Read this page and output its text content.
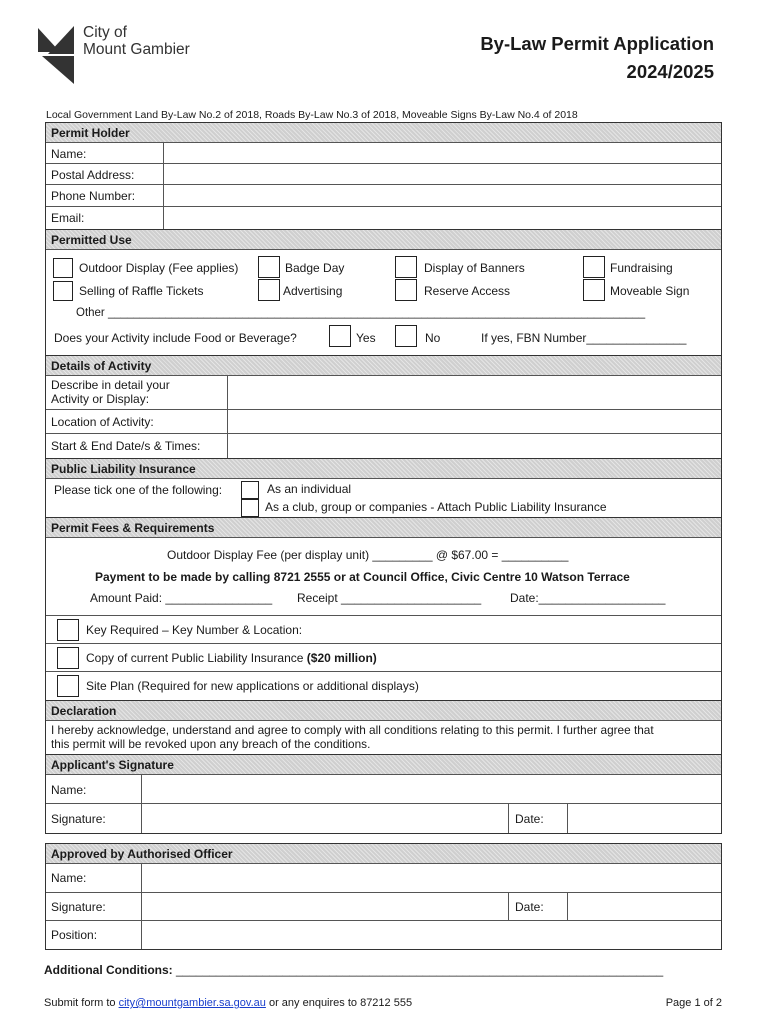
City of
Mount Gambier	By-Law Permit Application
2024/2025
Local Government Land By-Law No.2 of 2018, Roads By-Law No.3 of 2018, Moveable Signs By-Law No.4 of 2018
Permit Holder
Name:
Postal Address:
Phone Number:
Email:
Permitted Use
Outdoor Display (Fee applies)	Badge Day	Display of Banners	Fundraising
Selling of Raffle Tickets	Advertising	Reserve Access	Moveable Sign
Other ____________________________________________________________________________________
Does your Activity include Food or Beverage?	Yes	No	If yes, FBN Number_______________
Details of Activity
Describe in detail your
Activity or Display:
Location of Activity:
Start & End Date/s & Times:
Public Liability Insurance
Please tick one of the following:	As an individual
As a club, group or companies - Attach Public Liability Insurance
Permit Fees & Requirements
Outdoor Display Fee (per display unit) _________ @ $67.00 = __________
Payment to be made by calling 8721 2555 or at Council Office, Civic Centre 10 Watson Terrace
Amount Paid: ________________ Receipt _____________________ Date:___________________
Key Required – Key Number & Location:
Copy of current Public Liability Insurance ($20 million)
Site Plan (Required for new applications or additional displays)
Declaration
I hereby acknowledge, understand and agree to comply with all conditions relating to this permit. I further agree that
this permit will be revoked upon any breach of the conditions.
Applicant's Signature
Name:
Signature:	Date:
Approved by Authorised Officer
Name:
Signature:	Date:
Position:
Additional Conditions: _________________________________________________________________________
Submit form to city@mountgambier.sa.gov.au or any enquires to 87212 555	Page 1 of 2
